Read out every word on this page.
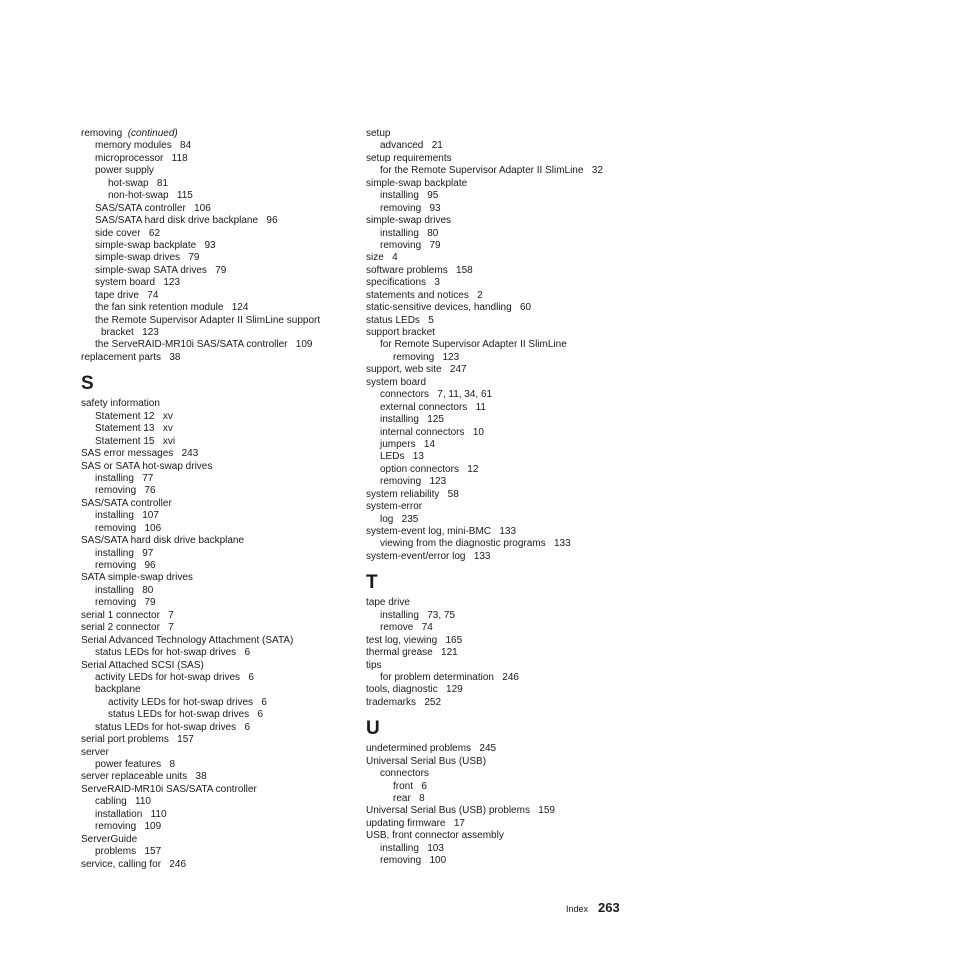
removing  (continued)
memory modules   84
microprocessor   118
power supply
hot-swap   81
non-hot-swap   115
SAS/SATA controller   106
SAS/SATA hard disk drive backplane   96
side cover   62
simple-swap backplate   93
simple-swap drives   79
simple-swap SATA drives   79
system board   123
tape drive   74
the fan sink retention module   124
the Remote Supervisor Adapter II SlimLine support
bracket   123
the ServeRAID-MR10i SAS/SATA controller   109
replacement parts   38
S
safety information
Statement 12   xv
Statement 13   xv
Statement 15   xvi
SAS error messages   243
SAS or SATA hot-swap drives
installing   77
removing   76
SAS/SATA controller
installing   107
removing   106
SAS/SATA hard disk drive backplane
installing   97
removing   96
SATA simple-swap drives
installing   80
removing   79
serial 1 connector   7
serial 2 connector   7
Serial Advanced Technology Attachment (SATA)
status LEDs for hot-swap drives   6
Serial Attached SCSI (SAS)
activity LEDs for hot-swap drives   6
backplane
activity LEDs for hot-swap drives   6
status LEDs for hot-swap drives   6
status LEDs for hot-swap drives   6
serial port problems   157
server
power features   8
server replaceable units   38
ServeRAID-MR10i SAS/SATA controller
cabling   110
installation   110
removing   109
ServerGuide
problems   157
service, calling for   246
setup
advanced   21
setup requirements
for the Remote Supervisor Adapter II SlimLine   32
simple-swap backplate
installing   95
removing   93
simple-swap drives
installing   80
removing   79
size   4
software problems   158
specifications   3
statements and notices   2
static-sensitive devices, handling   60
status LEDs   5
support bracket
for Remote Supervisor Adapter II SlimLine
removing   123
support, web site   247
system board
connectors   7, 11, 34, 61
external connectors   11
installing   125
internal connectors   10
jumpers   14
LEDs   13
option connectors   12
removing   123
system reliability   58
system-error
log   235
system-event log, mini-BMC   133
viewing from the diagnostic programs   133
system-event/error log   133
T
tape drive
installing   73, 75
remove   74
test log, viewing   165
thermal grease   121
tips
for problem determination   246
tools, diagnostic   129
trademarks   252
U
undetermined problems   245
Universal Serial Bus (USB)
connectors
front   6
rear   8
Universal Serial Bus (USB) problems   159
updating firmware   17
USB, front connector assembly
installing   103
removing   100
Index 263
